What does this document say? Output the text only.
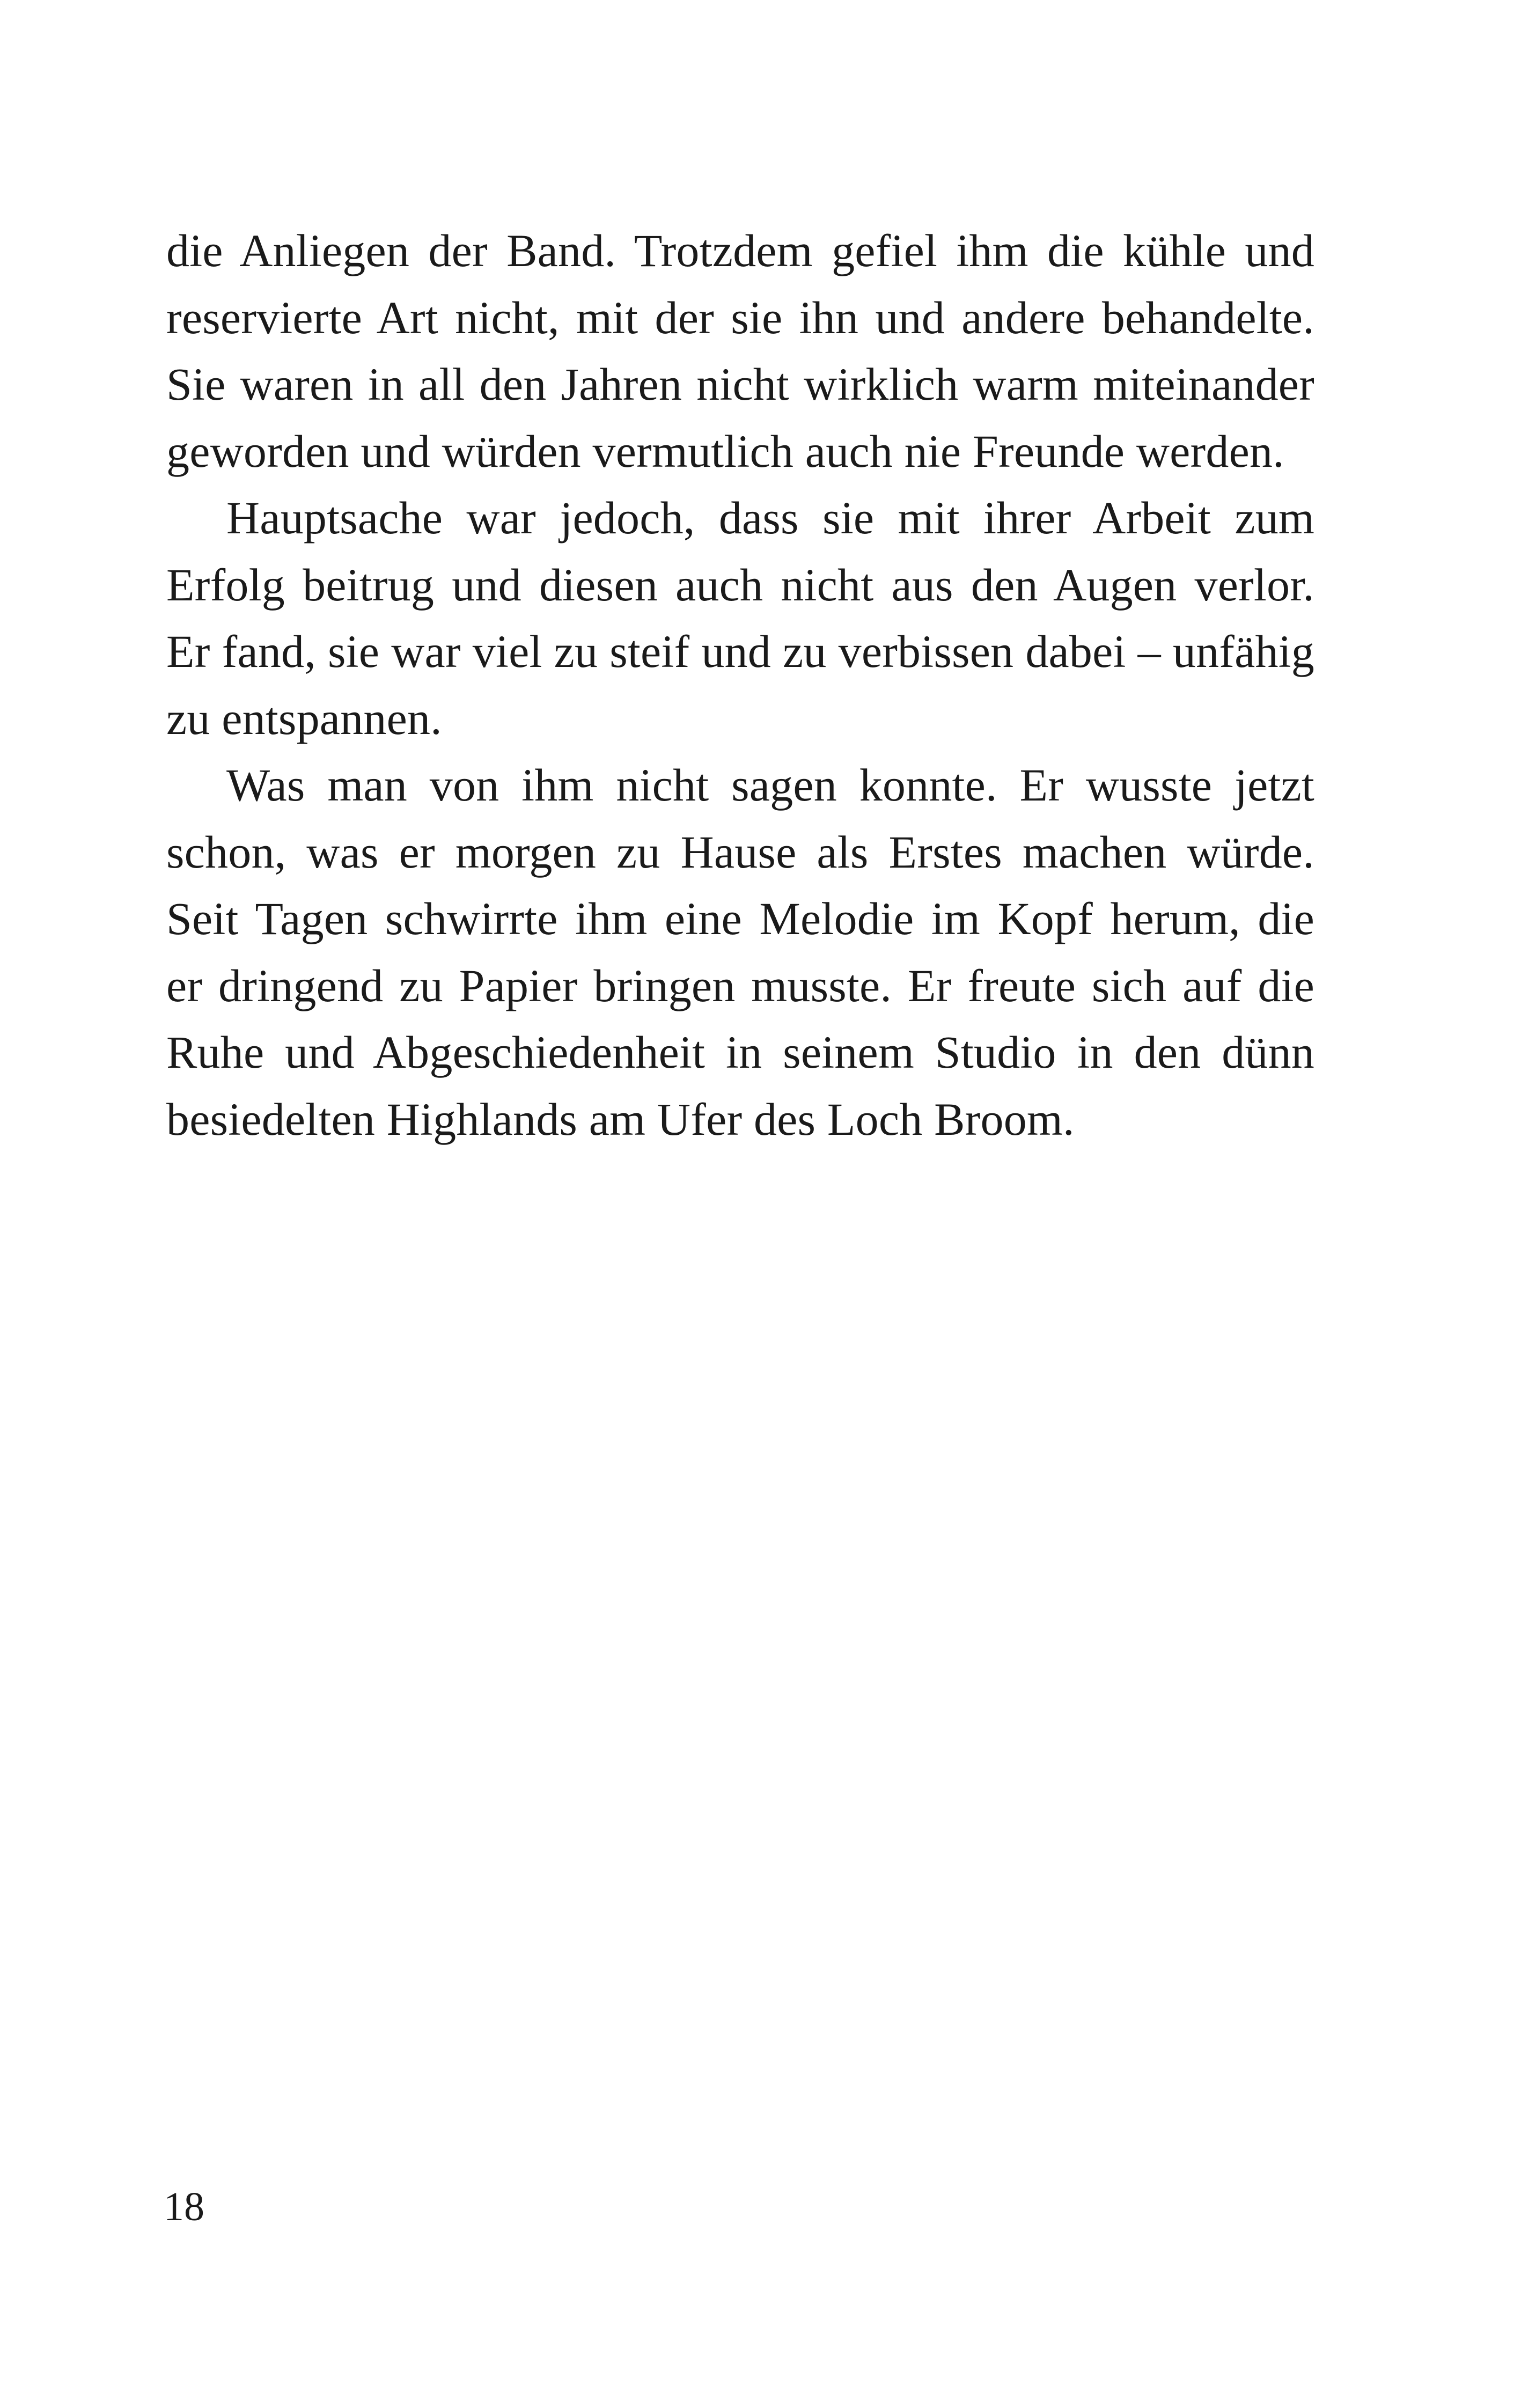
die Anliegen der Band. Trotzdem gefiel ihm die kühle und
reservierte Art nicht, mit der sie ihn und andere behandelte.
Sie waren in all den Jahren nicht wirklich warm miteinander
geworden und würden vermutlich auch nie Freunde werden.
Hauptsache war jedoch, dass sie mit ihrer Arbeit zum
Erfolg beitrug und diesen auch nicht aus den Augen verlor.
Er fand, sie war viel zu steif und zu verbissen dabei – unfähig
zu entspannen.
Was man von ihm nicht sagen konnte. Er wusste jetzt
schon, was er morgen zu Hause als Erstes machen würde.
Seit Tagen schwirrte ihm eine Melodie im Kopf herum, die
er dringend zu Papier bringen musste. Er freute sich auf die
Ruhe und Abgeschiedenheit in seinem Studio in den dünn
besiedelten Highlands am Ufer des Loch Broom.
18
